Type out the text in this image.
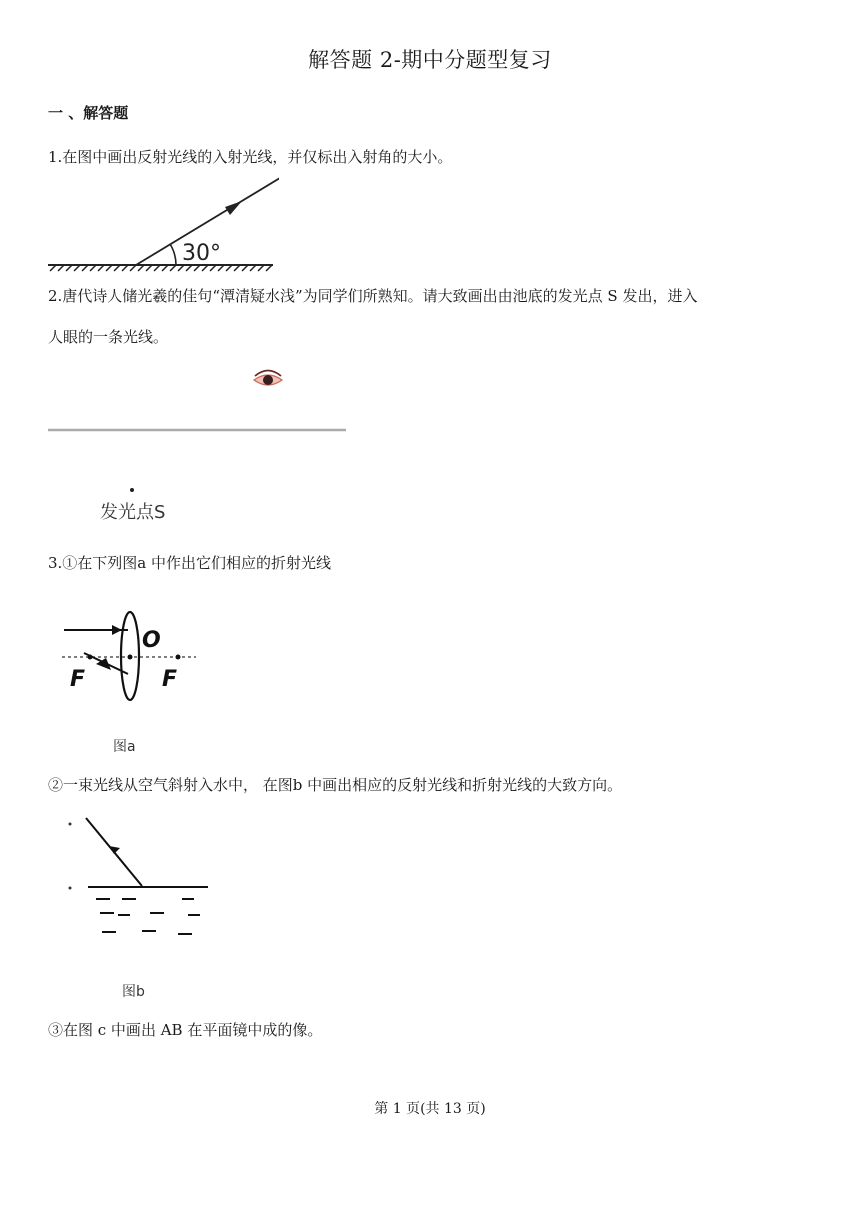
解答题 2-期中分题型复习
一 、解答题
1.在图中画出反射光线的入射光线，并仅标出入射角的大小。
30°
2.唐代诗人储光羲的佳句“潭清疑水浅”为同学们所熟知。请大致画出由池底的发光点 S 发出，进入
人眼的一条光线。
发光点S
3.①在下列图a 中作出它们相应的折射光线
O
F	F
图a
②一束光线从空气斜射入水中， 在图b 中画出相应的反射光线和折射光线的大致方向。
图b
③在图 c 中画出 AB 在平面镜中成的像。
第 1 页(共 13 页)
